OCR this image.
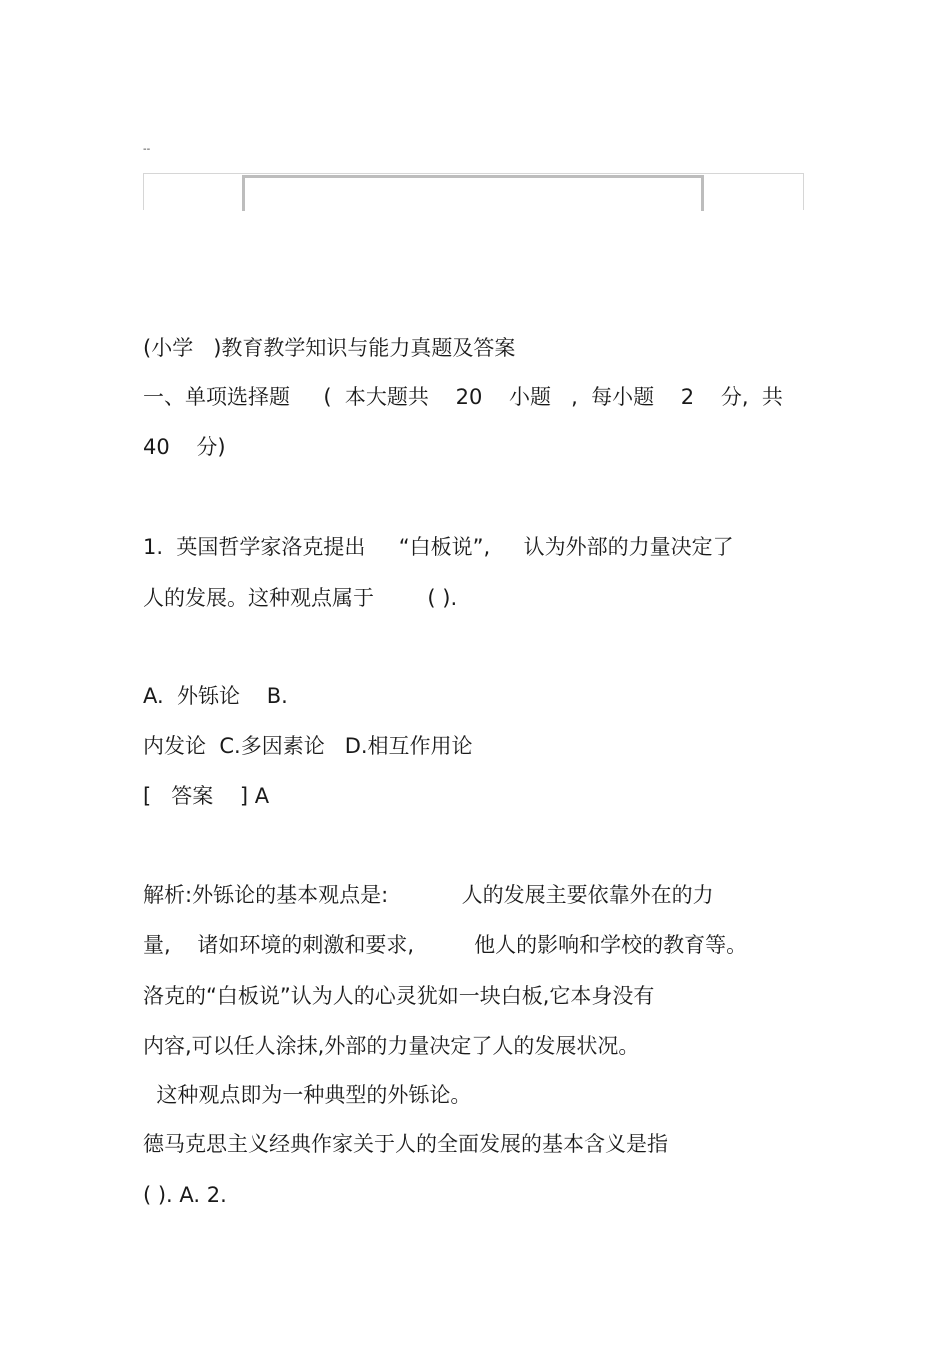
--
(小学   )教育教学知识与能力真题及答案
一、单项选择题     (  本大题共    20    小题   ,  每小题    2    分,  共
40    分)
1.  英国哲学家洛克提出     “白板说”,     认为外部的力量决定了
人的发展。这种观点属于        ( ).
A.  外铄论    B.
内发论  C.多因素论   D.相互作用论
[   答案    ] A
解析:外铄论的基本观点是:           人的发展主要依靠外在的力
量,    诸如环境的刺激和要求,         他人的影响和学校的教育等。
洛克的“白板说”认为人的心灵犹如一块白板,它本身没有
内容,可以任人涂抹,外部的力量决定了人的发展状况。
这种观点即为一种典型的外铄论。
德马克思主义经典作家关于人的全面发展的基本含义是指
( ). A. 2.
